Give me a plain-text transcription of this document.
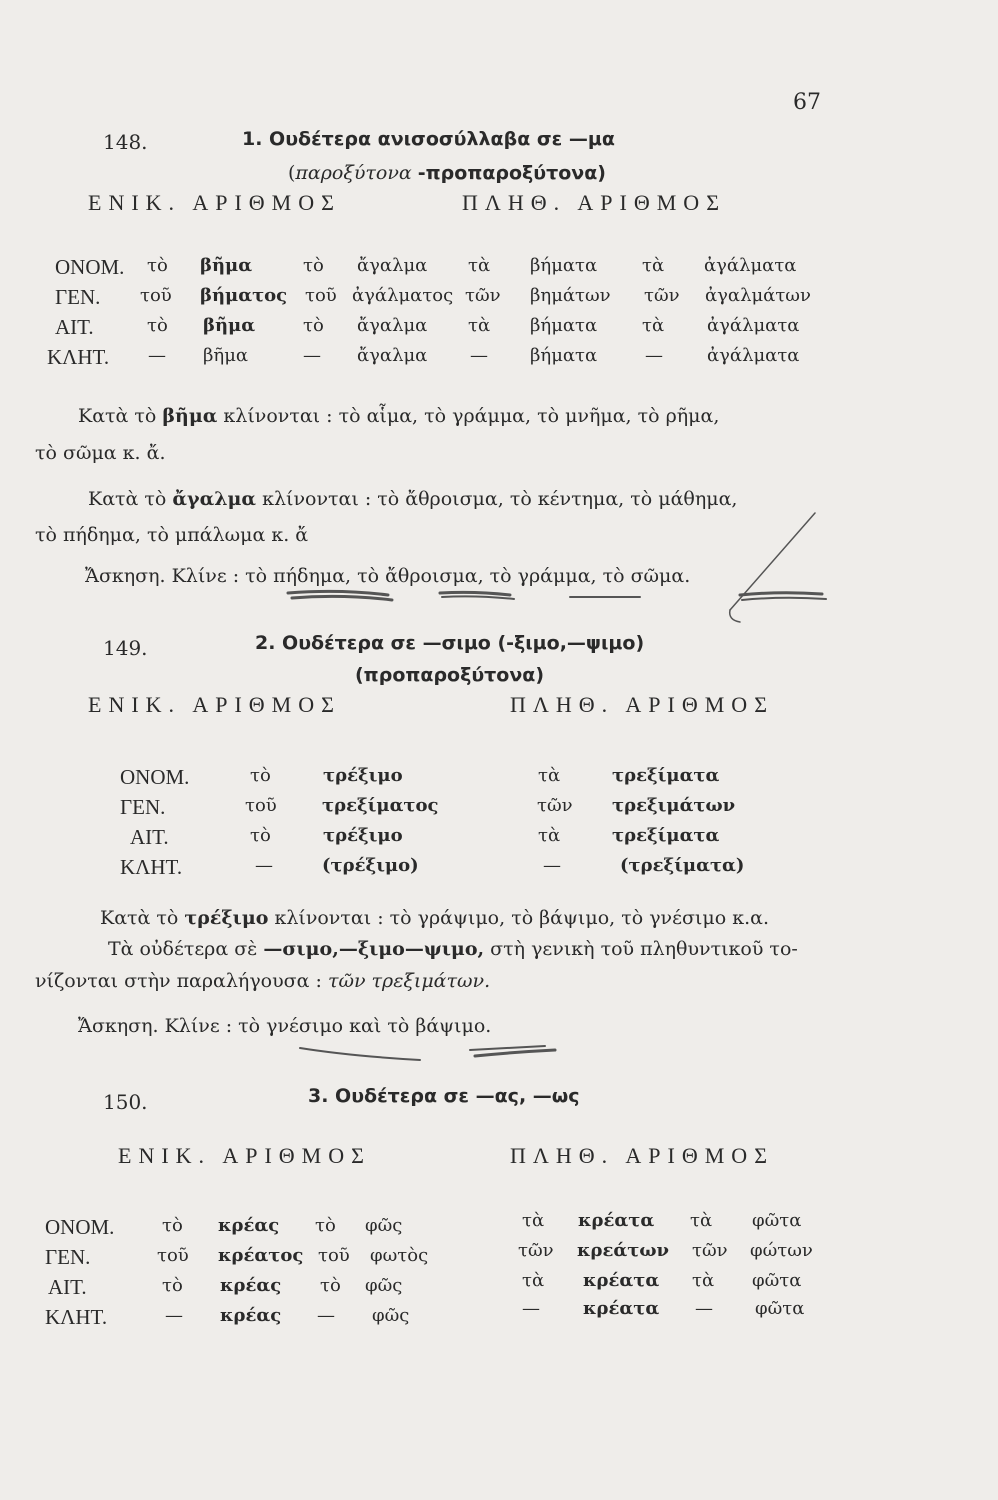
67
148.	1. Ουδέτερα ανισοσύλλαβα σε —μα
(παροξύτονα -προπαροξύτονα)
ΕΝΙΚ. ΑΡΙΘΜΟΣ	ΠΛΗΘ. ΑΡΙΘΜΟΣ
ΟΝΟΜ. τὸ βῆμα	τὸ ἄγαλμα τὰ βήματα τὰ ἀγάλματα
ΓΕΝ. τοῦ βήματος τοῦ ἀγάλματος τῶν βημάτων τῶν ἀγαλμάτων
ΑΙΤ.	τὸ βῆμα	τὸ ἄγαλμα τὰ βήματα τὰ ἀγάλματα
ΚΛΗΤ. — βῆμα	— ἄγαλμα — βήματα	— ἀγάλματα
Κατὰ τὸ βῆμα κλίνονται : τὸ αἷμα, τὸ γράμμα, τὸ μνῆμα, τὸ ρῆμα,
τὸ σῶμα κ. ἄ.
Κατὰ τὸ ἄγαλμα κλίνονται : τὸ ἄθροισμα, τὸ κέντημα, τὸ μάθημα,
τὸ πήδημα, τὸ μπάλωμα κ. ἄ
Ἄσκηση. Κλίνε : τὸ πήδημα, τὸ ἄθροισμα, τὸ γράμμα, τὸ σῶμα.
149.	2. Ουδέτερα σε —σιμο (-ξιμο,—ψιμο)
(προπαροξύτονα)
ΕΝΙΚ. ΑΡΙΘΜΟΣ	ΠΛΗΘ. ΑΡΙΘΜΟΣ
ΟΝΟΜ.	τὸ	τρέξιμο	τὰ	τρεξίματα
ΓΕΝ.	τοῦ	τρεξίματος	τῶν τρεξιμάτων
ΑΙΤ.	τὸ	τρέξιμο	τὰ	τρεξίματα
ΚΛΗΤ.	—	(τρέξιμο)	—	(τρεξίματα)
Κατὰ τὸ τρέξιμο κλίνονται : τὸ γράψιμο, τὸ βάψιμο, τὸ γνέσιμο κ.α.
Τὰ οὐδέτερα σὲ —σιμο,—ξιμο—ψιμο, στὴ γενικὴ τοῦ πληθυντικοῦ το-
νίζονται στὴν παραλήγουσα : τῶν τρεξιμάτων.
Ἄσκηση. Κλίνε : τὸ γνέσιμο καὶ τὸ βάψιμο.
150.	3. Ουδέτερα σε —ας, —ως
ΕΝΙΚ. ΑΡΙΘΜΟΣ	ΠΛΗΘ. ΑΡΙΘΜΟΣ
ΟΝΟΜ.	τὸ κρέας τὸ φῶς	τὰ κρέατα τὰ φῶτα
ΓΕΝ.	τοῦ κρέατος τοῦ φωτὸς	τῶν κρεάτων τῶν φώτων
ΑΙΤ.	τὸ κρέας τὸ φῶς	τὰ κρέατα τὰ φῶτα
ΚΛΗΤ.	— κρέας — φῶς	— κρέατα — φῶτα
